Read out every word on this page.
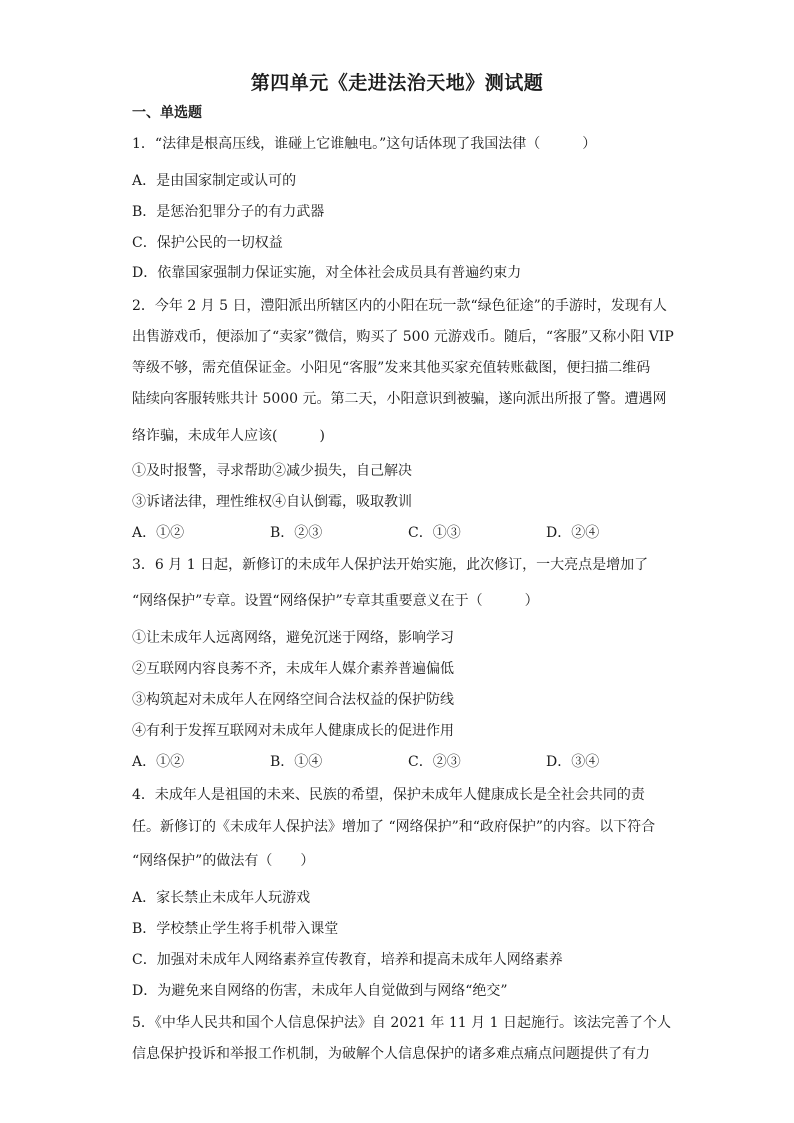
第四单元《走进法治天地》测试题
一、单选题
1．“法律是根高压线，谁碰上它谁触电。”这句话体现了我国法律（　　　）
A．是由国家制定或认可的
B．是惩治犯罪分子的有力武器
C．保护公民的一切权益
D．依靠国家强制力保证实施，对全体社会成员具有普遍约束力
2．今年 2 月 5 日，澧阳派出所辖区内的小阳在玩一款“绿色征途”的手游时，发现有人
出售游戏币，便添加了“卖家”微信，购买了 500 元游戏币。随后，“客服”又称小阳 VIP
等级不够，需充值保证金。小阳见“客服”发来其他买家充值转账截图，便扫描二维码
陆续向客服转账共计 5000 元。第二天，小阳意识到被骗，遂向派出所报了警。遭遇网
络诈骗，未成年人应该(　　　)
①及时报警，寻求帮助②减少损失，自己解决
③诉诸法律，理性维权④自认倒霉，吸取教训
A．①②	B．②③	C．①③	D．②④
3．6 月 1 日起，新修订的未成年人保护法开始实施，此次修订，一大亮点是增加了
“网络保护”专章。设置“网络保护”专章其重要意义在于（　　　）
①让未成年人远离网络，避免沉迷于网络，影响学习
②互联网内容良莠不齐，未成年人媒介素养普遍偏低
③构筑起对未成年人在网络空间合法权益的保护防线
④有利于发挥互联网对未成年人健康成长的促进作用
A．①②	B．①④	C．②③	D．③④
4．未成年人是祖国的未来、民族的希望，保护未成年人健康成长是全社会共同的责
任。新修订的《未成年人保护法》增加了 “网络保护”和“政府保护”的内容。以下符合
“网络保护”的做法有（　　）
A．家长禁止未成年人玩游戏
B．学校禁止学生将手机带入课堂
C．加强对未成年人网络素养宣传教育，培养和提高未成年人网络素养
D．为避免来自网络的伤害，未成年人自觉做到与网络“绝交”
5．《中华人民共和国个人信息保护法》自 2021 年 11 月 1 日起施行。该法完善了个人
信息保护投诉和举报工作机制，为破解个人信息保护的诸多难点痛点问题提供了有力
